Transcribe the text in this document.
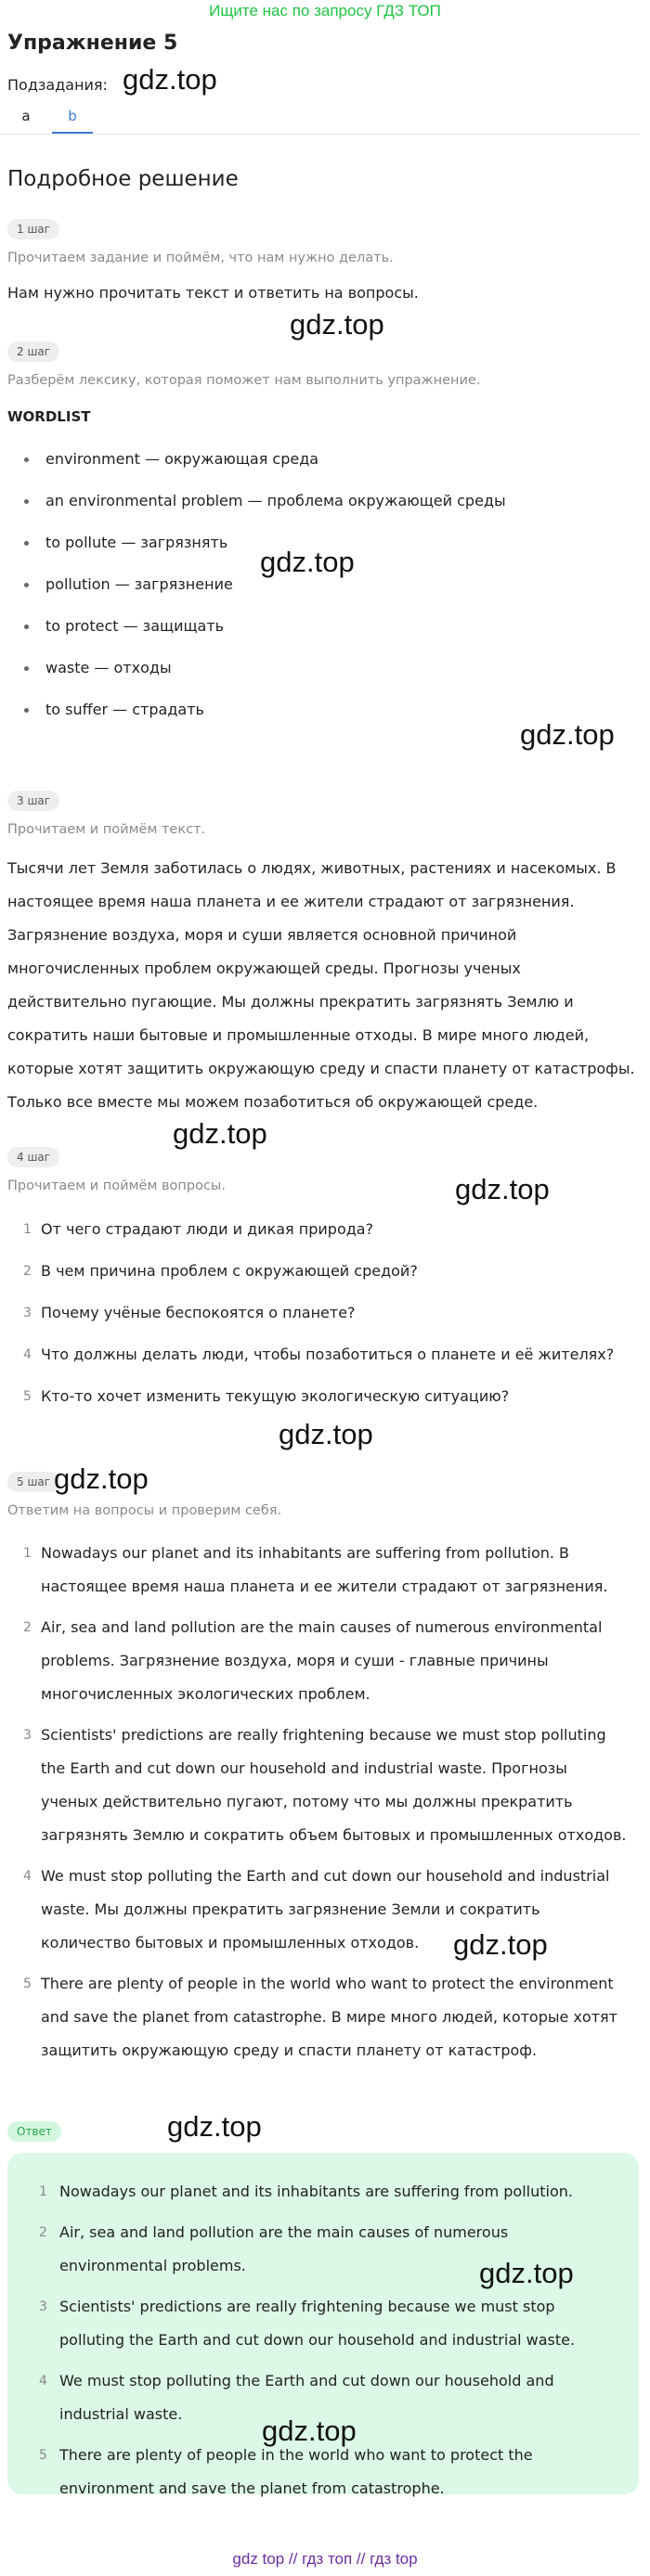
Ищите нас по запросу ГДЗ ТОП
Упражнение 5
Подзадания: gdz.top
a	b
Подробное решение
1 шаг

Прочитаем задание и поймём, что нам нужно делать.

Нам нужно прочитать текст и ответить на вопросы.

gdz.top
2 шаг

Разберём лексику, которая поможет нам выполнить упражнение.

WORDLIST
environment — окружающая среда
an environmental problem — проблема окружающей среды
to pollute — загрязнять
pollution — загрязнение
to protect — защищать
waste — отходы
to suffer — страдать
gdz.top
gdz.top
3 шаг

Прочитаем и поймём текст.

Тысячи лет Земля заботилась о людях, животных, растениях и насекомых. В
настоящее время наша планета и ее жители страдают от загрязнения.
Загрязнение воздуха, моря и суши является основной причиной
многочисленных проблем окружающей среды. Прогнозы ученых
действительно пугающие. Мы должны прекратить загрязнять Землю и
сократить наши бытовые и промышленные отходы. В мире много людей,
которые хотят защитить окружающую среду и спасти планету от катастрофы.
Только все вместе мы можем позаботиться об окружающей среде.
gdz.top
4 шаг
gdz.top

Прочитаем и поймём вопросы.

1 От чего страдают люди и дикая природа?
2 В чем причина проблем с окружающей средой?
3 Почему учёные беспокоятся о планете?
4 Что должны делать люди, чтобы позаботиться о планете и её жителях?
5 Кто-то хочет изменить текущую экологическую ситуацию?
gdz.top
5 шаг gdz.top

Ответим на вопросы и проверим себя.

1 Nowadays our planet and its inhabitants are suffering from pollution. В
настоящее время наша планета и ее жители страдают от загрязнения.
2 Air, sea and land pollution are the main causes of numerous environmental
problems. Загрязнение воздуха, моря и суши - главные причины
многочисленных экологических проблем.
3 Scientists' predictions are really frightening because we must stop polluting
the Earth and cut down our household and industrial waste. Прогнозы
ученых действительно пугают, потому что мы должны прекратить
загрязнять Землю и сократить объем бытовых и промышленных отходов.
4 We must stop polluting the Earth and cut down our household and industrial
waste. Мы должны прекратить загрязнение Земли и сократить
количество бытовых и промышленных отходов.
5 There are plenty of people in the world who want to protect the environment
and save the planet from catastrophe. В мире много людей, которые хотят
защитить окружающую среду и спасти планету от катастроф.
gdz.top
Ответ	gdz.top
1 Nowadays our planet and its inhabitants are suffering from pollution.
2 Air, sea and land pollution are the main causes of numerous
environmental problems.
3 Scientists' predictions are really frightening because we must stop
polluting the Earth and cut down our household and industrial waste.
4 We must stop polluting the Earth and cut down our household and
industrial waste.
5 There are plenty of people in the world who want to protect the
environment and save the planet from catastrophe.
gdz.top
gdz.top
gdz top // гдз топ // гдз top
